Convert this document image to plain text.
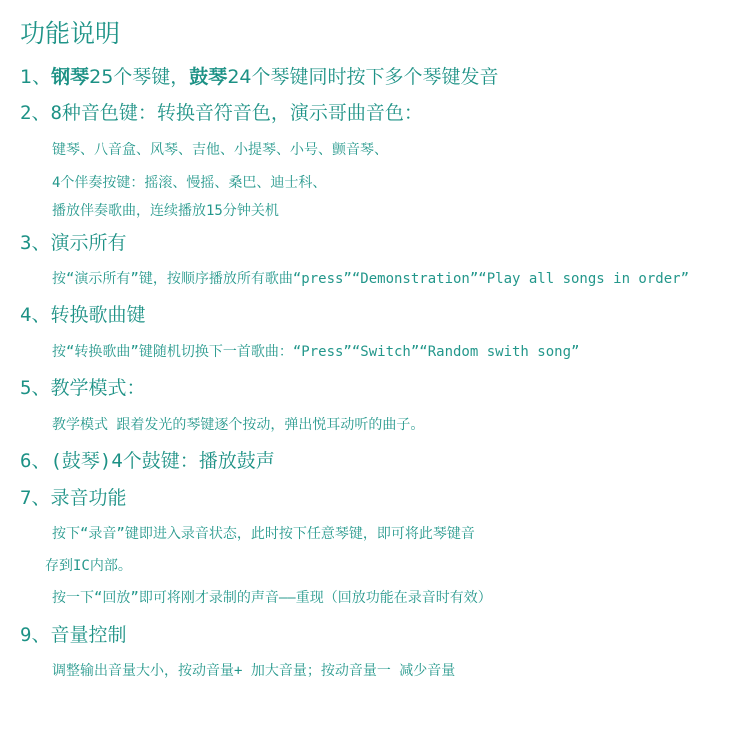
功能说明
1、钢琴25个琴键，鼓琴24个琴键同时按下多个琴键发音
2、8种音色键：转换音符音色，演示哥曲音色：
键琴、八音盒、风琴、吉他、小提琴、小号、颤音琴、
4个伴奏按键：摇滚、慢摇、桑巴、迪士科、
播放伴奏歌曲，连续播放15分钟关机
3、演示所有
按“演示所有”键，按顺序播放所有歌曲“press”“Demonstration”“Play all songs in order”
4、转换歌曲键
按“转换歌曲”键随机切换下一首歌曲：“Press”“Switch”“Random swith song”
5、教学模式：
教学模式 跟着发光的琴键逐个按动，弹出悦耳动听的曲子。
6、(鼓琴)4个鼓键：播放鼓声
7、录音功能
按下“录音”键即进入录音状态，此时按下任意琴键，即可将此琴键音
存到IC内部。
按一下“回放”即可将刚才录制的声音——重现（回放功能在录音时有效）
9、音量控制
调整输出音量大小，按动音量+ 加大音量；按动音量一 减少音量
